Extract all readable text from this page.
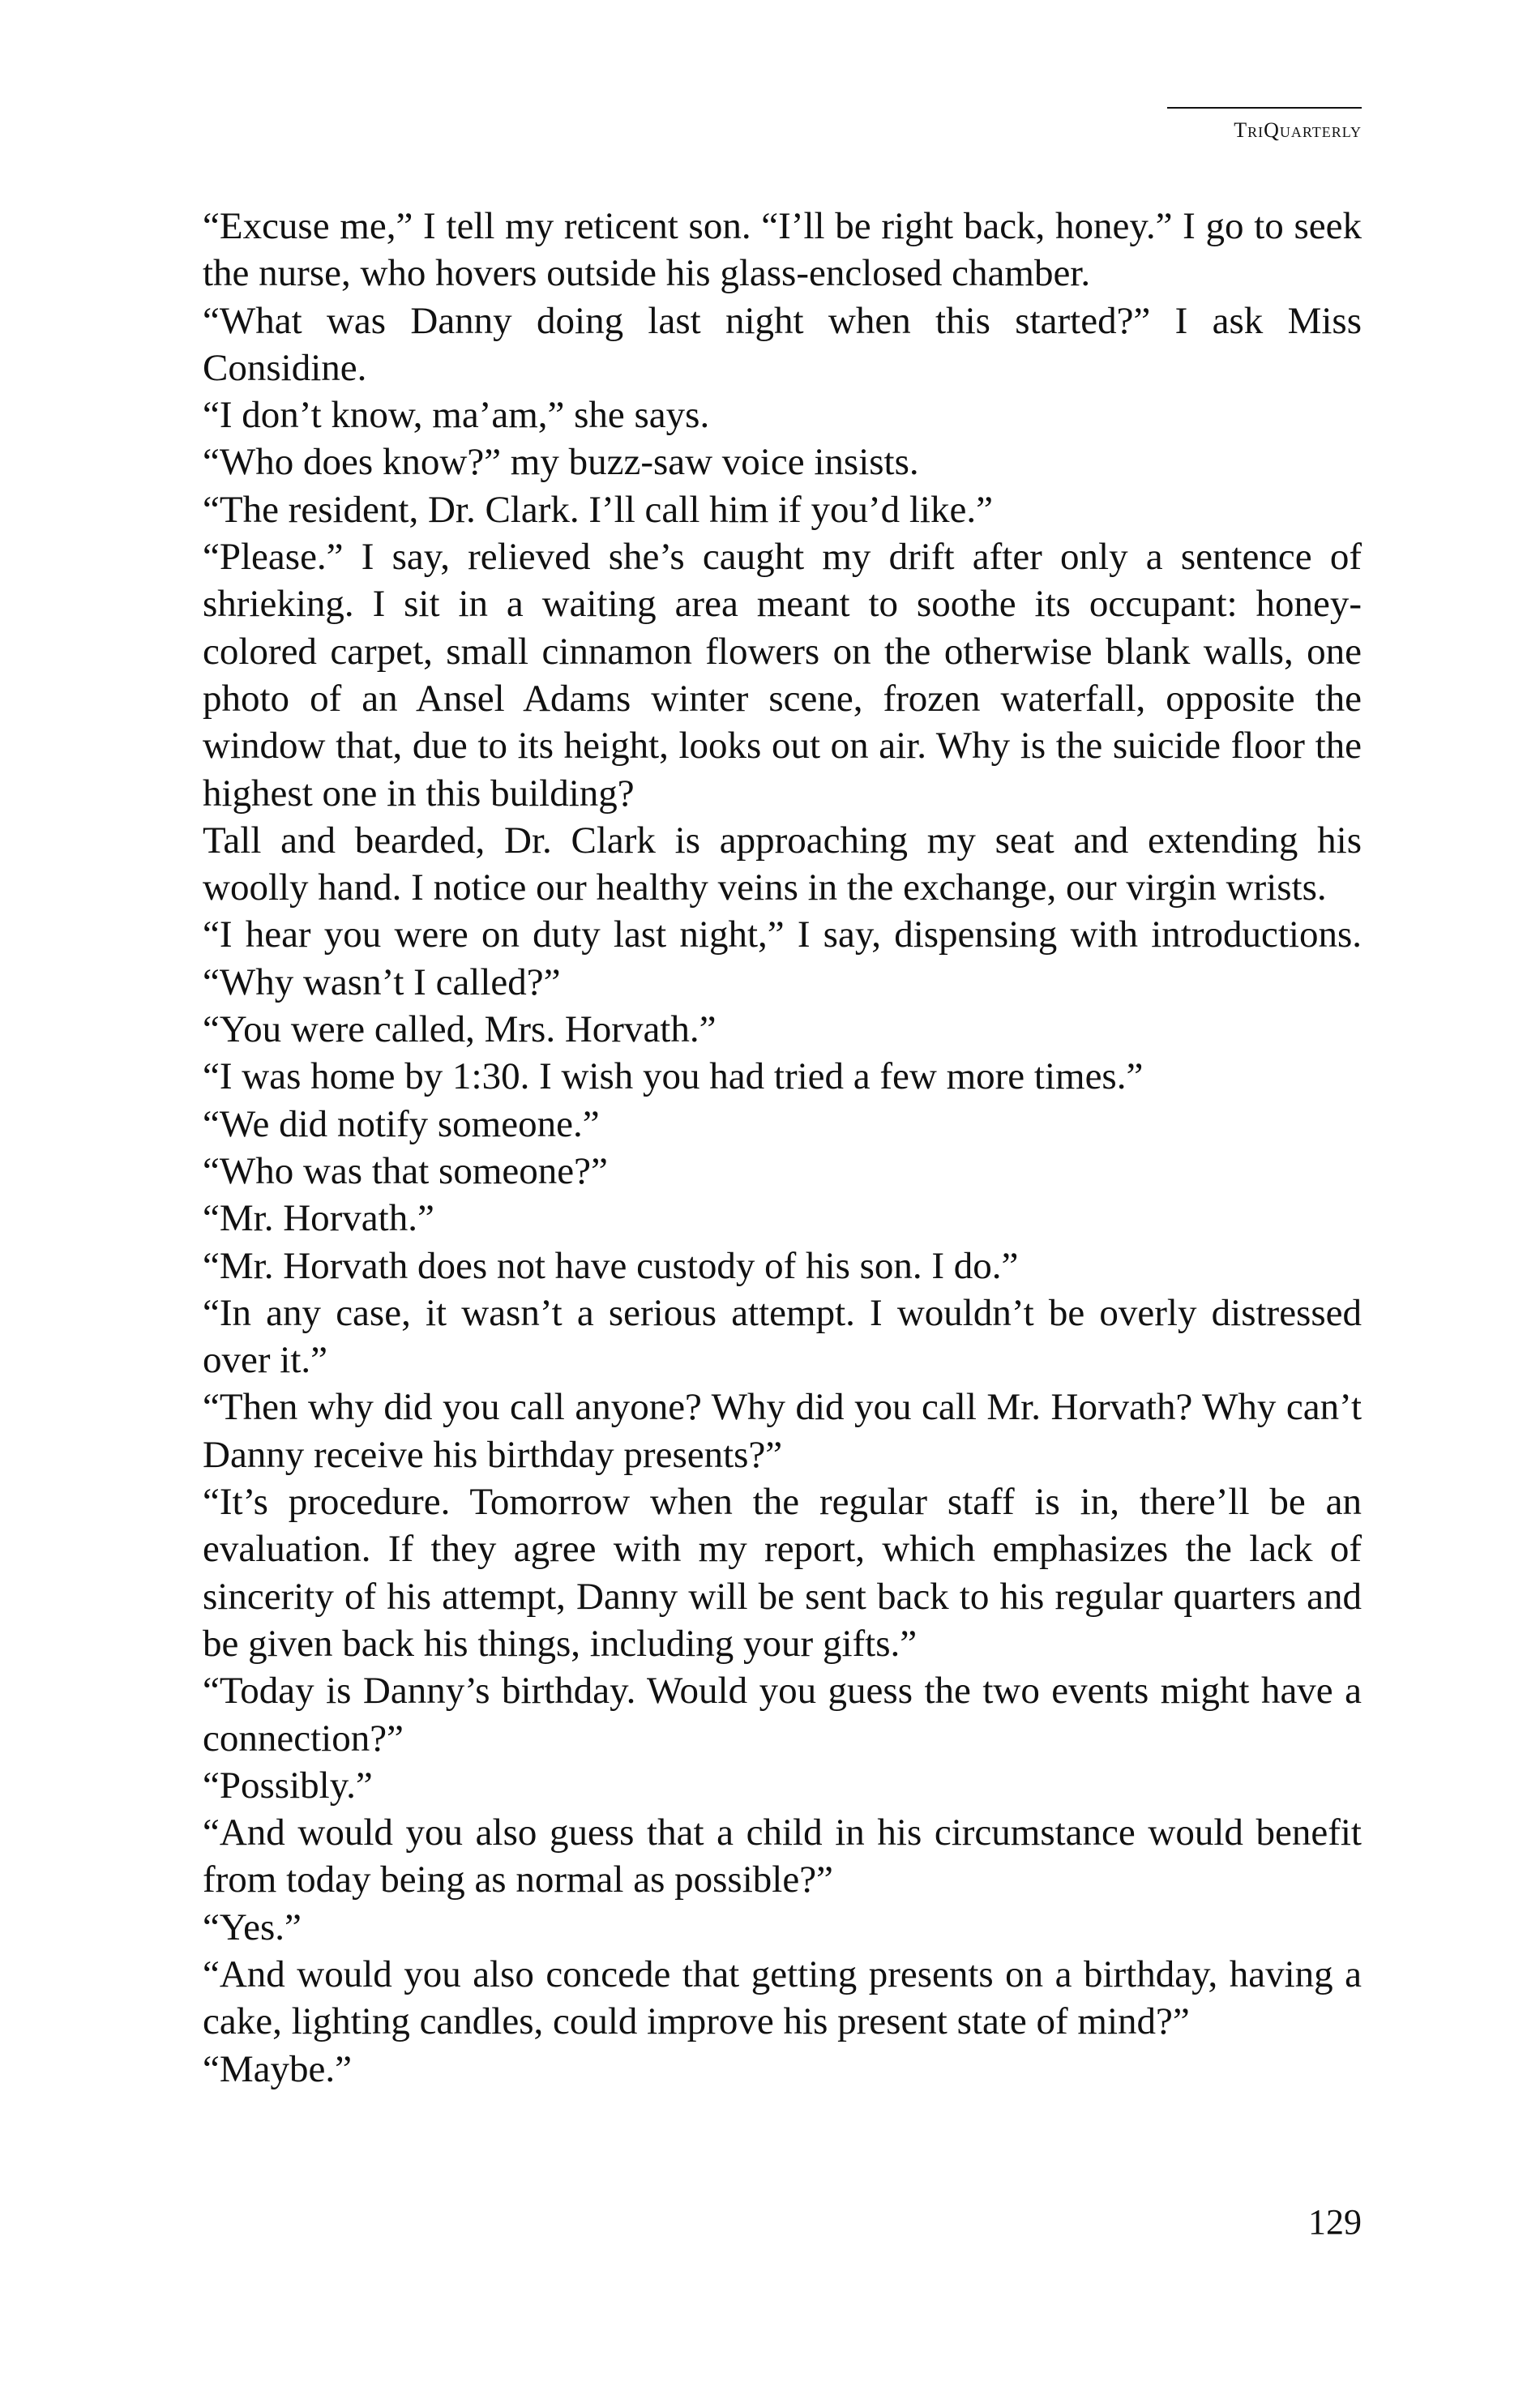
TriQuarterly

“Excuse me,” I tell my reticent son. “I’ll be right back, honey.” I go to seek the nurse, who hovers outside his glass-enclosed chamber.

“What was Danny doing last night when this started?” I ask Miss Considine.

“I don’t know, ma’am,” she says.

“Who does know?” my buzz-saw voice insists.

“The resident, Dr. Clark. I’ll call him if you’d like.”

“Please.” I say, relieved she’s caught my drift after only a sentence of shrieking. I sit in a waiting area meant to soothe its occupant: honey-colored carpet, small cinnamon flowers on the otherwise blank walls, one photo of an Ansel Adams winter scene, frozen waterfall, opposite the window that, due to its height, looks out on air. Why is the suicide floor the highest one in this building?

Tall and bearded, Dr. Clark is approaching my seat and extending his woolly hand. I notice our healthy veins in the exchange, our virgin wrists.

“I hear you were on duty last night,” I say, dispensing with introductions. “Why wasn’t I called?”

“You were called, Mrs. Horvath.”

“I was home by 1:30. I wish you had tried a few more times.”

“We did notify someone.”

“Who was that someone?”

“Mr. Horvath.”

“Mr. Horvath does not have custody of his son. I do.”

“In any case, it wasn’t a serious attempt. I wouldn’t be overly distressed over it.”

“Then why did you call anyone? Why did you call Mr. Horvath? Why can’t Danny receive his birthday presents?”

“It’s procedure. Tomorrow when the regular staff is in, there’ll be an evaluation. If they agree with my report, which emphasizes the lack of sincerity of his attempt, Danny will be sent back to his regular quarters and be given back his things, including your gifts.”

“Today is Danny’s birthday. Would you guess the two events might have a connection?”

“Possibly.”

“And would you also guess that a child in his circumstance would benefit from today being as normal as possible?”

“Yes.”

“And would you also concede that getting presents on a birthday, having a cake, lighting candles, could improve his present state of mind?”

“Maybe.”

129
